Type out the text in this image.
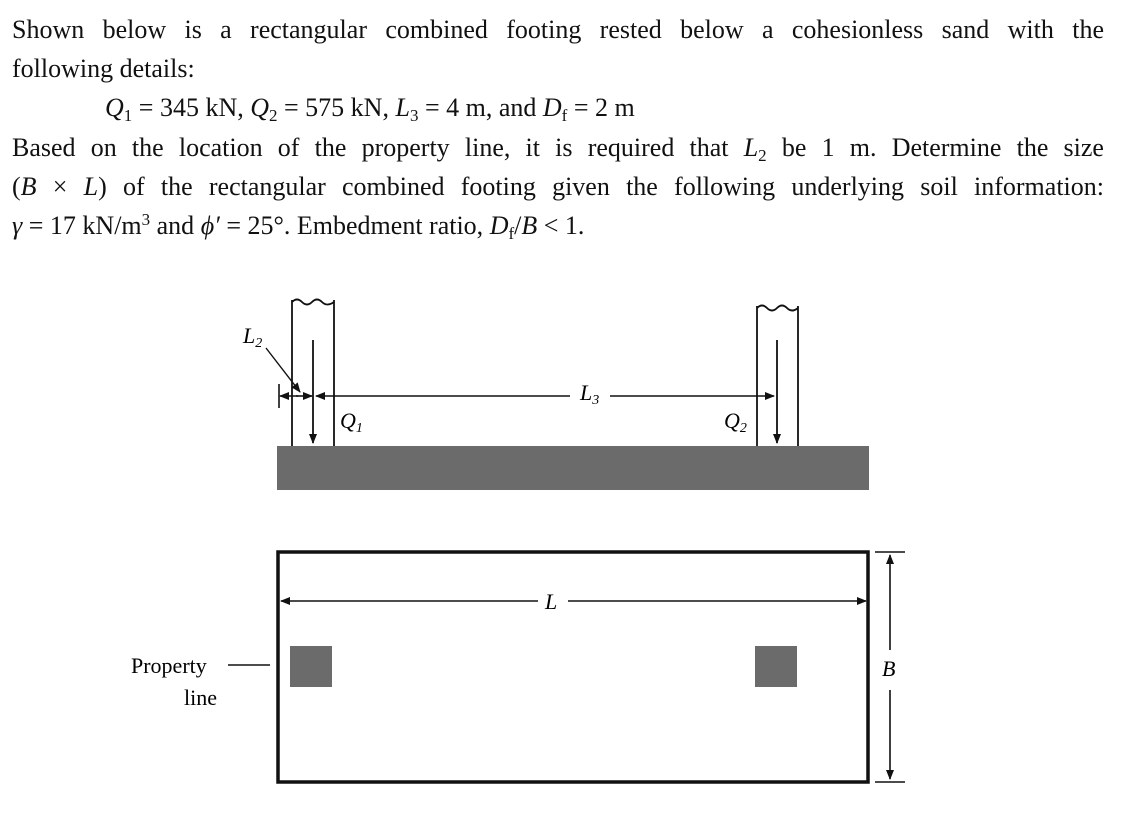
Shown below is a rectangular combined footing rested below a cohesionless sand with the
following details:
$Q_1 = 345$ kN, $Q_2 = 575$ kN, $L_3 = 4$ m, and $D_f = 2$ m
Based on the location of the property line, it is required that $L_2$ be 1 m. Determine the size
(B × L) of the rectangular combined footing given the following underlying soil information:
γ = 17 $kN/m^3$ and ϕ′ = 25°. Embedment ratio, $D_f/B < 1$.
L2
L3
Q1	Q2
L
B
Property
line
